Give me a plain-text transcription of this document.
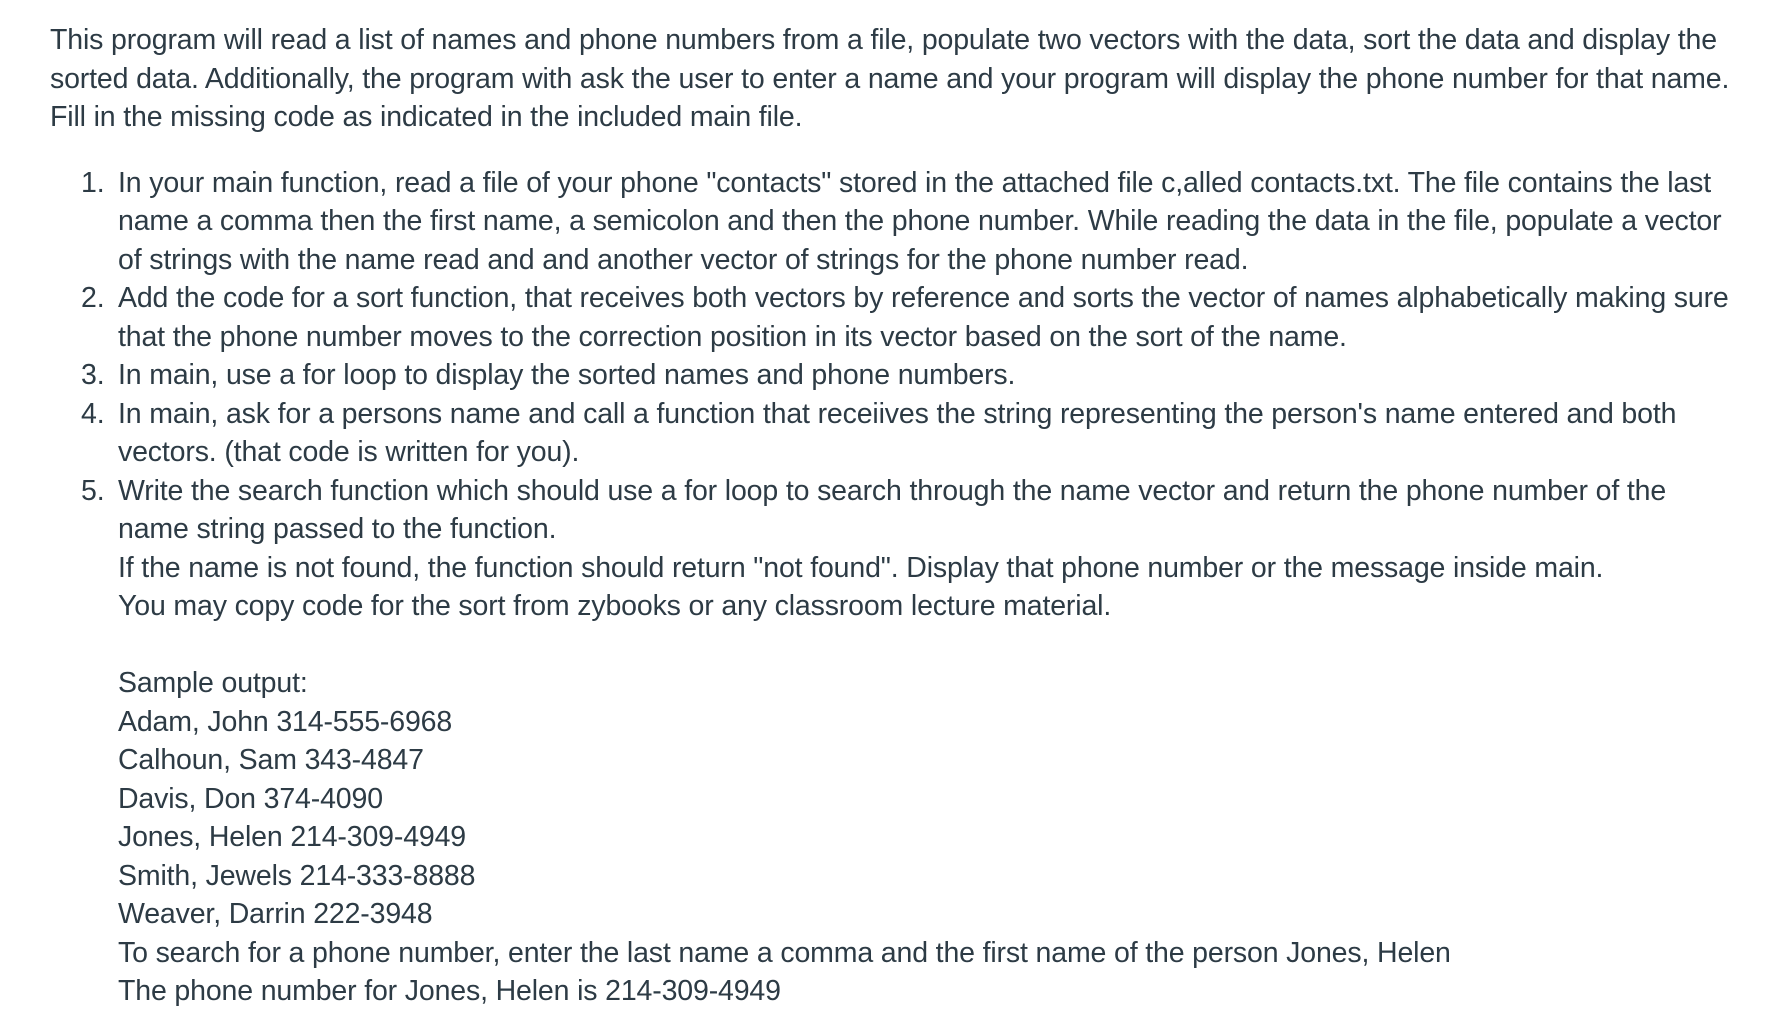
This program will read a list of names and phone numbers from a file, populate two vectors with the data, sort the data and display the
sorted data. Additionally, the program with ask the user to enter a name and your program will display the phone number for that name.
Fill in the missing code as indicated in the included main file.

In your main function, read a file of your phone "contacts" stored in the attached file c,alled contacts.txt. The file contains the last
name a comma then the first name, a semicolon and then the phone number. While reading the data in the file, populate a vector
of strings with the name read and and another vector of strings for the phone number read.
Add the code for a sort function, that receives both vectors by reference and sorts the vector of names alphabetically making sure
that the phone number moves to the correction position in its vector based on the sort of the name.
In main, use a for loop to display the sorted names and phone numbers.
In main, ask for a persons name and call a function that receiives the string representing the person's name entered and both
vectors. (that code is written for you).
Write the search function which should use a for loop to search through the name vector and return the phone number of the
name string passed to the function.
If the name is not found, the function should return "not found". Display that phone number or the message inside main.
You may copy code for the sort from zybooks or any classroom lecture material.
Sample output:
Adam, John 314-555-6968
Calhoun, Sam 343-4847
Davis, Don 374-4090
Jones, Helen 214-309-4949
Smith, Jewels 214-333-8888
Weaver, Darrin 222-3948
To search for a phone number, enter the last name a comma and the first name of the person Jones, Helen
The phone number for Jones, Helen is 214-309-4949
